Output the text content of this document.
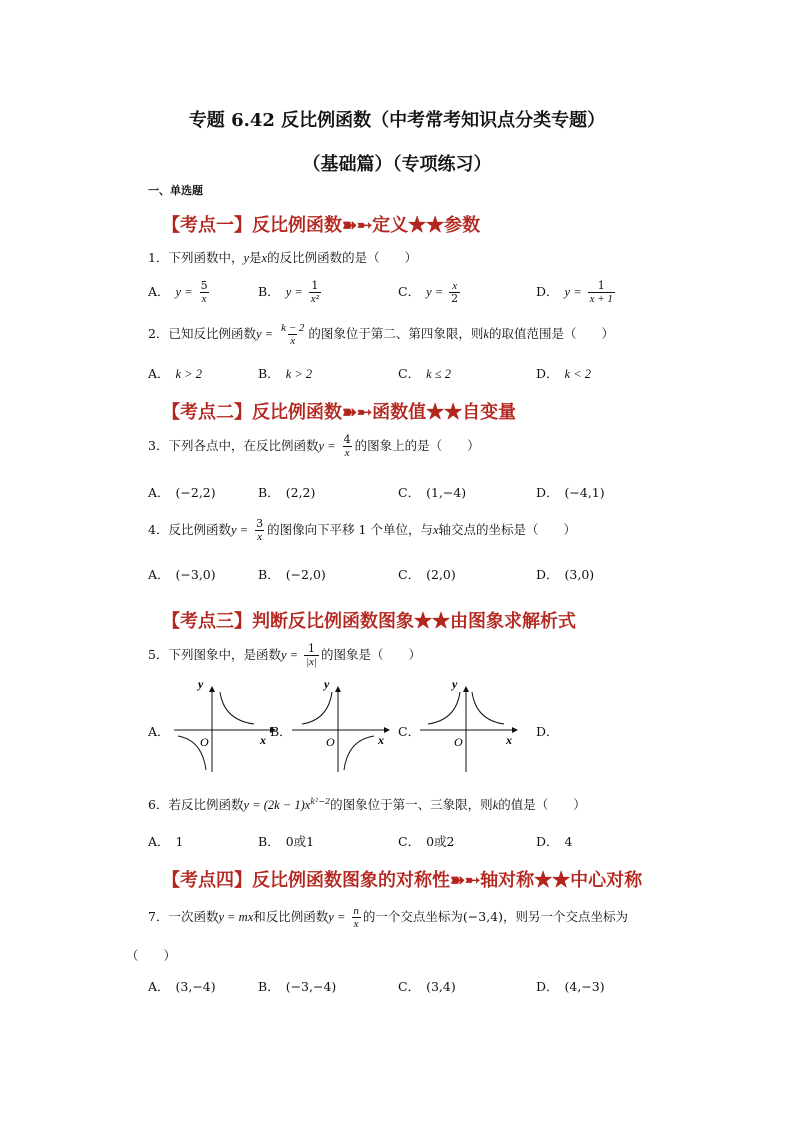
专题 6.42 反比例函数（中考常考知识点分类专题）
（基础篇）（专项练习）
一、单选题
【考点一】反比例函数➽➸定义★★参数
1．下列函数中，y是x的反比例函数的是（　　）
A． $y = \frac{5}{x}$	B． $y = \frac{1}{\text{x²}}$	C． $y = \frac{x}{2}$	D． $y = \frac{1}{x + 1}$
2．已知反比例函数$y = \frac{k - 2}{x}$ 的图象位于第二、第四象限，则k的取值范围是（　　）
A． k > 2	B． k > 2	C． k ≤ 2	D． k < 2
【考点二】反比例函数➽➸函数值★★自变量
3．下列各点中，在反比例函数$y = \frac{4}{x}$ 的图象上的是（　　）
A． (−2,2)	B． (2,2)	C． (1,−4)	D． (−4,1)
4．反比例函数$y = \frac{3}{x}$ 的图像向下平移 1 个单位，与x轴交点的坐标是（　　）
A． (−3,0)	B． (−2,0)	C． (2,0)	D． (3,0)
【考点三】判断反比例函数图象★★由图象求解析式
5．下列图象中，是函数$y = \frac{1}{|x|}$ 的图象是（　　）
A．
y
x
O
B．
y
x
O
C．
y
x
O
D．
6．若反比例函数$y = (2k - 1)x^{k^2-2}$的图象位于第一、三象限，则k的值是（　　）
A． 1	B． 0或1	C． 0或2	D． 4
【考点四】反比例函数图象的对称性➽➸轴对称★★中心对称
7．一次函数y = mx和反比例函数$y = \frac{n}{x}$ 的一个交点坐标为(−3,4)，则另一个交点坐标为
（　　）
A． (3,−4)	B． (−3,−4)	C． (3,4)	D． (4,−3)
